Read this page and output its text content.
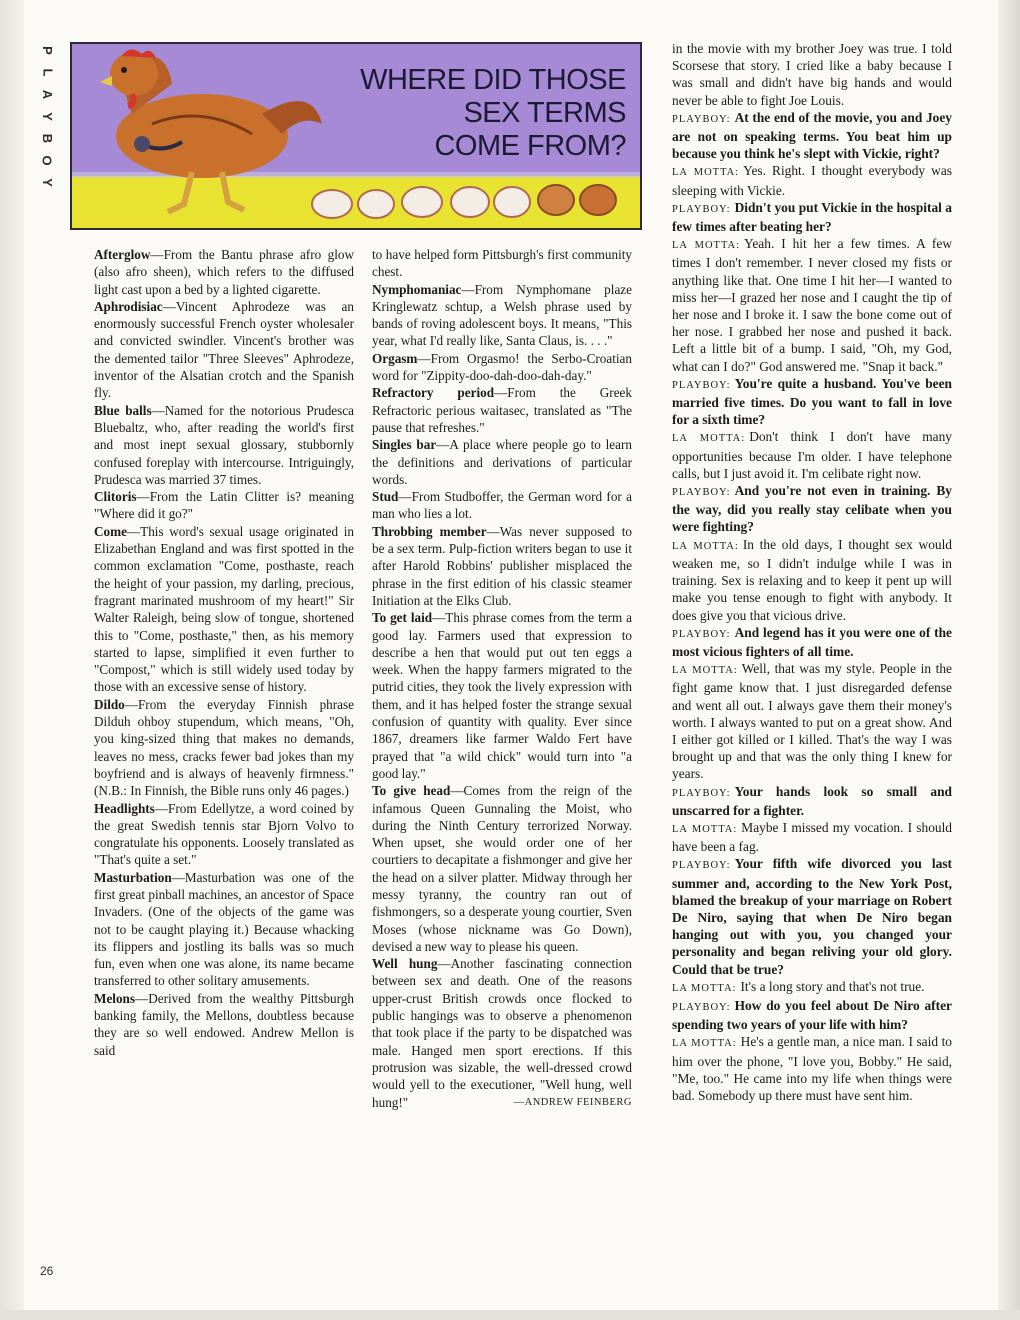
P
L
A
Y
B
O
Y
26
WHERE DID THOSE
SEX TERMS
COME FROM?

Afterglow—From the Bantu phrase afro glow (also afro sheen), which refers to the diffused light cast upon a bed by a lighted cigarette.

Aphrodisiac—Vincent Aphrodeze was an enormously successful French oyster wholesaler and convicted swindler. Vincent's brother was the demented tailor "Three Sleeves" Aphrodeze, inventor of the Alsatian crotch and the Spanish fly.

Blue balls—Named for the notorious Prudesca Bluebaltz, who, after reading the world's first and most inept sexual glossary, stubbornly confused foreplay with intercourse. Intriguingly, Prudesca was married 37 times.

Clitoris—From the Latin Clitter is? meaning "Where did it go?"

Come—This word's sexual usage originated in Elizabethan England and was first spotted in the common exclamation "Come, posthaste, reach the height of your passion, my darling, precious, fragrant marinated mushroom of my heart!" Sir Walter Raleigh, being slow of tongue, shortened this to "Come, posthaste," then, as his memory started to lapse, simplified it even further to "Compost," which is still widely used today by those with an excessive sense of history.

Dildo—From the everyday Finnish phrase Dilduh ohboy stupendum, which means, "Oh, you king-sized thing that makes no demands, leaves no mess, cracks fewer bad jokes than my boyfriend and is always of heavenly firmness." (N.B.: In Finnish, the Bible runs only 46 pages.)

Headlights—From Edellytze, a word coined by the great Swedish tennis star Bjorn Volvo to congratulate his opponents. Loosely translated as "That's quite a set."

Masturbation—Masturbation was one of the first great pinball machines, an ancestor of Space Invaders. (One of the objects of the game was not to be caught playing it.) Because whacking its flippers and jostling its balls was so much fun, even when one was alone, its name became transferred to other solitary amusements.

Melons—Derived from the wealthy Pittsburgh banking family, the Mellons, doubtless because they are so well endowed. Andrew Mellon is said

to have helped form Pittsburgh's first community chest.

Nymphomaniac—From Nymphomane plaze Kringlewatz schtup, a Welsh phrase used by bands of roving adolescent boys. It means, "This year, what I'd really like, Santa Claus, is. . . ."

Orgasm—From Orgasmo! the Serbo-Croatian word for "Zippity-doo-dah-doo-dah-day."

Refractory period—From the Greek Refractoric perious waitasec, translated as "The pause that refreshes."

Singles bar—A place where people go to learn the definitions and derivations of particular words.

Stud—From Studboffer, the German word for a man who lies a lot.

Throbbing member—Was never supposed to be a sex term. Pulp-fiction writers began to use it after Harold Robbins' publisher misplaced the phrase in the first edition of his classic steamer Initiation at the Elks Club.

To get laid—This phrase comes from the term a good lay. Farmers used that expression to describe a hen that would put out ten eggs a week. When the happy farmers migrated to the putrid cities, they took the lively expression with them, and it has helped foster the strange sexual confusion of quantity with quality. Ever since 1867, dreamers like farmer Waldo Fert have prayed that "a wild chick" would turn into "a good lay."

To give head—Comes from the reign of the infamous Queen Gunnaling the Moist, who during the Ninth Century terrorized Norway. When upset, she would order one of her courtiers to decapitate a fishmonger and give her the head on a silver platter. Midway through her messy tyranny, the country ran out of fishmongers, so a desperate young courtier, Sven Moses (whose nickname was Go Down), devised a new way to please his queen.

Well hung—Another fascinating connection between sex and death. One of the reasons upper-crust British crowds once flocked to public hangings was to observe a phenomenon that took place if the party to be dispatched was male. Hanged men sport erections. If this protrusion was sizable, the well-dressed crowd would yell to the executioner, "Well hung, well hung!"	—ANDREW FEINBERG

in the movie with my brother Joey was true. I told Scorsese that story. I cried like a baby because I was small and didn't have big hands and would never be able to fight Joe Louis.

PLAYBOY: At the end of the movie, you and Joey are not on speaking terms. You beat him up because you think he's slept with Vickie, right?

LA MOTTA: Yes. Right. I thought everybody was sleeping with Vickie.

PLAYBOY: Didn't you put Vickie in the hospital a few times after beating her?

LA MOTTA: Yeah. I hit her a few times. A few times I don't remember. I never closed my fists or anything like that. One time I hit her—I wanted to miss her—I grazed her nose and I caught the tip of her nose and I broke it. I saw the bone come out of her nose. I grabbed her nose and pushed it back. Left a little bit of a bump. I said, "Oh, my God, what can I do?" God answered me. "Snap it back."

PLAYBOY: You're quite a husband. You've been married five times. Do you want to fall in love for a sixth time?

LA MOTTA: Don't think I don't have many opportunities because I'm older. I have telephone calls, but I just avoid it. I'm celibate right now.

PLAYBOY: And you're not even in training. By the way, did you really stay celibate when you were fighting?

LA MOTTA: In the old days, I thought sex would weaken me, so I didn't indulge while I was in training. Sex is relaxing and to keep it pent up will make you tense enough to fight with anybody. It does give you that vicious drive.

PLAYBOY: And legend has it you were one of the most vicious fighters of all time.

LA MOTTA: Well, that was my style. People in the fight game know that. I just disregarded defense and went all out. I always gave them their money's worth. I always wanted to put on a great show. And I either got killed or I killed. That's the way I was brought up and that was the only thing I knew for years.

PLAYBOY: Your hands look so small and unscarred for a fighter.

LA MOTTA: Maybe I missed my vocation. I should have been a fag.

PLAYBOY: Your fifth wife divorced you last summer and, according to the New York Post, blamed the breakup of your marriage on Robert De Niro, saying that when De Niro began hanging out with you, you changed your personality and began reliving your old glory. Could that be true?

LA MOTTA: It's a long story and that's not true.

PLAYBOY: How do you feel about De Niro after spending two years of your life with him?

LA MOTTA: He's a gentle man, a nice man. I said to him over the phone, "I love you, Bobby." He said, "Me, too." He came into my life when things were bad. Somebody up there must have sent him.
